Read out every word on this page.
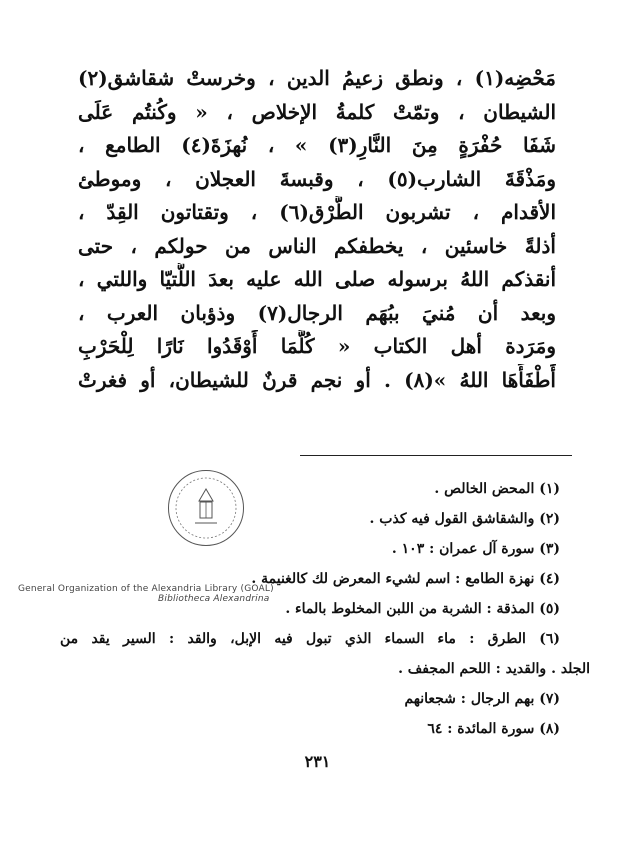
مَحْضِه(١) ، ونطق زعيمُ الدين ، وخرستْ شقاشق(٢)
الشيطان ، وتمّتْ كلمةُ الإخلاص ، « وكُنتُم عَلَى
شَفَا حُفْرَةٍ مِنَ النَّارِ(٣) » ، نُهزَةَ(٤) الطامع ،
ومَذْقَةَ الشارب(٥) ، وقبسةَ العجلان ، وموطئ
الأقدام ، تشربون الطَّرْق(٦) ، وتقتاتون القِدّ ،
أذلةً خاسئين ، يخطفكم الناس من حولكم ، حتى
أنقذكم اللهُ برسوله صلى الله عليه بعدَ اللُّتيّا واللتي ،
وبعد أن مُنيَ ببُهَم الرجال(٧) وذؤبان العرب ،
ومَرَدة أهل الكتاب « كُلَّمَا أَوْقَدُوا نَارًا لِلْحَرْبِ
أَطْفَأَهَا اللهُ »(٨) . أو نجم قرنٌ للشيطان، أو فغرتْ
General Organization of the Alexandria Library (GOAL)
Bibliotheca Alexandrina
(١) المحض الخالص .
(٢) والشقاشق القول فيه كذب .
(٣) سورة آل عمران : ١٠٣ .
(٤) نهزة الطامع : اسم لشيء المعرض لك كالغنيمة .
(٥) المذقة : الشربة من اللبن المخلوط بالماء .
(٦) الطرق : ماء السماء الذي تبول فيه الإبل، والقد : السير يقد من
الجلد . والقديد : اللحم المجفف .
(٧) بهم الرجال : شجعانهم
(٨) سورة المائدة : ٦٤
٢٣١
